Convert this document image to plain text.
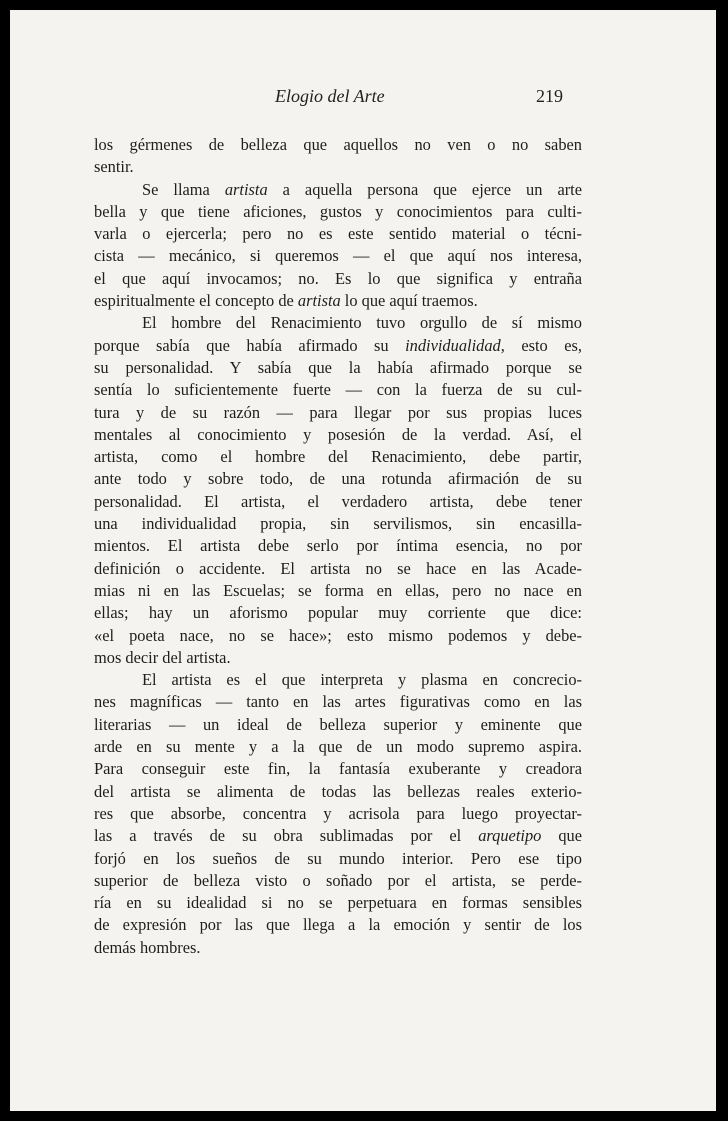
Elogio del Arte	219
los gérmenes de belleza que aquellos no ven o no saben
sentir.
Se llama artista a aquella persona que ejerce un arte
bella y que tiene aficiones, gustos y conocimientos para culti-
varla o ejercerla; pero no es este sentido material o técni-
cista — mecánico, si queremos — el que aquí nos interesa,
el que aquí invocamos; no. Es lo que significa y entraña
espiritualmente el concepto de artista lo que aquí traemos.
El hombre del Renacimiento tuvo orgullo de sí mismo
porque sabía que había afirmado su individualidad, esto es,
su personalidad. Y sabía que la había afirmado porque se
sentía lo suficientemente fuerte — con la fuerza de su cul-
tura y de su razón — para llegar por sus propias luces
mentales al conocimiento y posesión de la verdad. Así, el
artista, como el hombre del Renacimiento, debe partir,
ante todo y sobre todo, de una rotunda afirmación de su
personalidad. El artista, el verdadero artista, debe tener
una individualidad propia, sin servilismos, sin encasilla-
mientos. El artista debe serlo por íntima esencia, no por
definición o accidente. El artista no se hace en las Acade-
mias ni en las Escuelas; se forma en ellas, pero no nace en
ellas; hay un aforismo popular muy corriente que dice:
«el poeta nace, no se hace»; esto mismo podemos y debe-
mos decir del artista.
El artista es el que interpreta y plasma en concrecio-
nes magníficas — tanto en las artes figurativas como en las
literarias — un ideal de belleza superior y eminente que
arde en su mente y a la que de un modo supremo aspira.
Para conseguir este fin, la fantasía exuberante y creadora
del artista se alimenta de todas las bellezas reales exterio-
res que absorbe, concentra y acrisola para luego proyectar-
las a través de su obra sublimadas por el arquetipo que
forjó en los sueños de su mundo interior. Pero ese tipo
superior de belleza visto o soñado por el artista, se perde-
ría en su idealidad si no se perpetuara en formas sensibles
de expresión por las que llega a la emoción y sentir de los
demás hombres.
